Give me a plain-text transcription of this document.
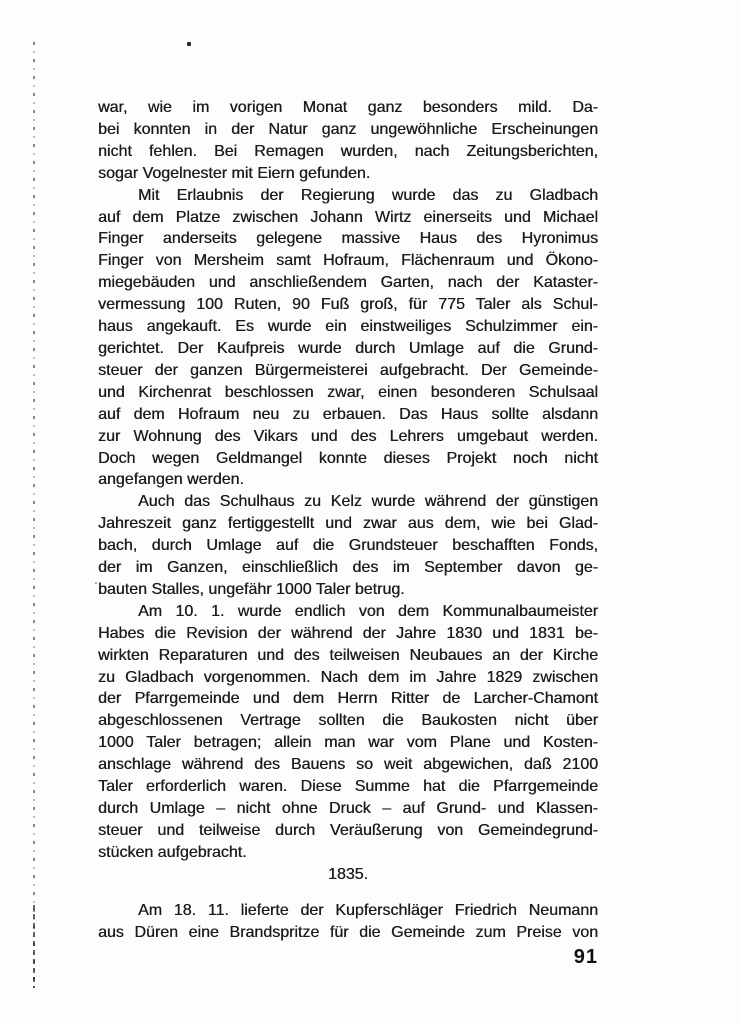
war, wie im vorigen Monat ganz besonders mild. Da-
bei konnten in der Natur ganz ungewöhnliche Erscheinungen
nicht fehlen. Bei Remagen wurden, nach Zeitungsberichten,
sogar Vogelnester mit Eiern gefunden.
Mit Erlaubnis der Regierung wurde das zu Gladbach
auf dem Platze zwischen Johann Wirtz einerseits und Michael
Finger anderseits gelegene massive Haus des Hyronimus
Finger von Mersheim samt Hofraum, Flächenraum und Ökono-
miegebäuden und anschließendem Garten, nach der Kataster-
vermessung 100 Ruten, 90 Fuß groß, für 775 Taler als Schul-
haus angekauft. Es wurde ein einstweiliges Schulzimmer ein-
gerichtet. Der Kaufpreis wurde durch Umlage auf die Grund-
steuer der ganzen Bürgermeisterei aufgebracht. Der Gemeinde-
und Kirchenrat beschlossen zwar, einen besonderen Schulsaal
auf dem Hofraum neu zu erbauen. Das Haus sollte alsdann
zur Wohnung des Vikars und des Lehrers umgebaut werden.
Doch wegen Geldmangel konnte dieses Projekt noch nicht
angefangen werden.
Auch das Schulhaus zu Kelz wurde während der günstigen
Jahreszeit ganz fertiggestellt und zwar aus dem, wie bei Glad-
bach, durch Umlage auf die Grundsteuer beschafften Fonds,
der im Ganzen, einschließlich des im September davon ge-
bauten Stalles, ungefähr 1000 Taler betrug.
Am 10. 1. wurde endlich von dem Kommunalbaumeister
Habes die Revision der während der Jahre 1830 und 1831 be-
wirkten Reparaturen und des teilweisen Neubaues an der Kirche
zu Gladbach vorgenommen. Nach dem im Jahre 1829 zwischen
der Pfarrgemeinde und dem Herrn Ritter de Larcher-Chamont
abgeschlossenen Vertrage sollten die Baukosten nicht über
1000 Taler betragen; allein man war vom Plane und Kosten-
anschlage während des Bauens so weit abgewichen, daß 2100
Taler erforderlich waren. Diese Summe hat die Pfarrgemeinde
durch Umlage – nicht ohne Druck – auf Grund- und Klassen-
steuer und teilweise durch Veräußerung von Gemeindegrund-
stücken aufgebracht.
1835.
Am 18. 11. lieferte der Kupferschläger Friedrich Neumann
aus Düren eine Brandspritze für die Gemeinde zum Preise von
91
